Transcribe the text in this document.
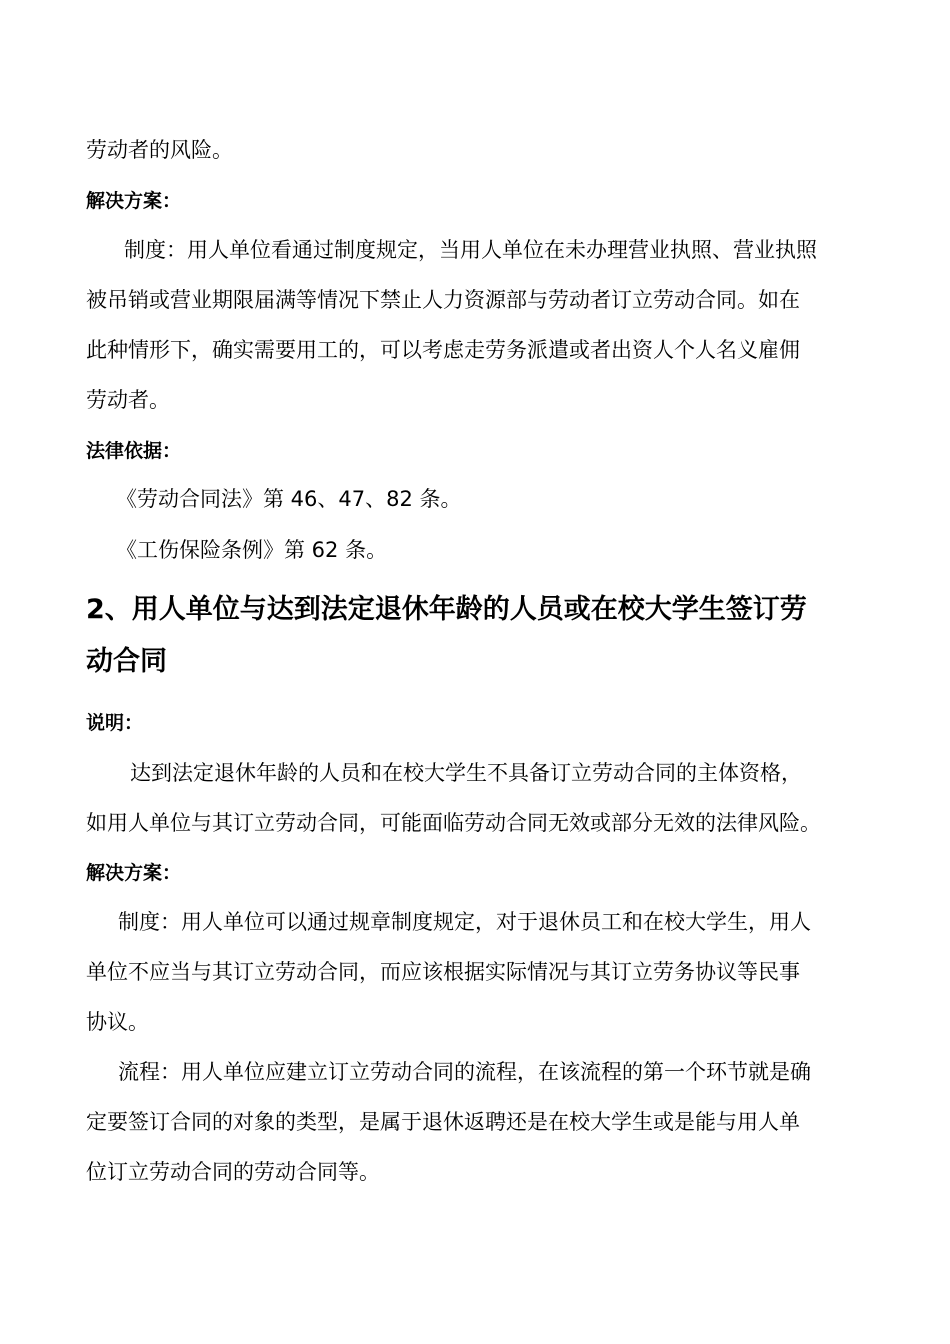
劳动者的风险。
解决方案：
制度：用人单位看通过制度规定，当用人单位在未办理营业执照、营业执照
被吊销或营业期限届满等情况下禁止人力资源部与劳动者订立劳动合同。如在
此种情形下，确实需要用工的，可以考虑走劳务派遣或者出资人个人名义雇佣
劳动者。
法律依据：
《劳动合同法》第 46、47、82 条。
《工伤保险条例》第 62 条。
2、用人单位与达到法定退休年龄的人员或在校大学生签订劳
动合同
说明：
达到法定退休年龄的人员和在校大学生不具备订立劳动合同的主体资格，
如用人单位与其订立劳动合同，可能面临劳动合同无效或部分无效的法律风险。
解决方案：
制度：用人单位可以通过规章制度规定，对于退休员工和在校大学生，用人
单位不应当与其订立劳动合同，而应该根据实际情况与其订立劳务协议等民事
协议。
流程：用人单位应建立订立劳动合同的流程，在该流程的第一个环节就是确
定要签订合同的对象的类型，是属于退休返聘还是在校大学生或是能与用人单
位订立劳动合同的劳动合同等。
